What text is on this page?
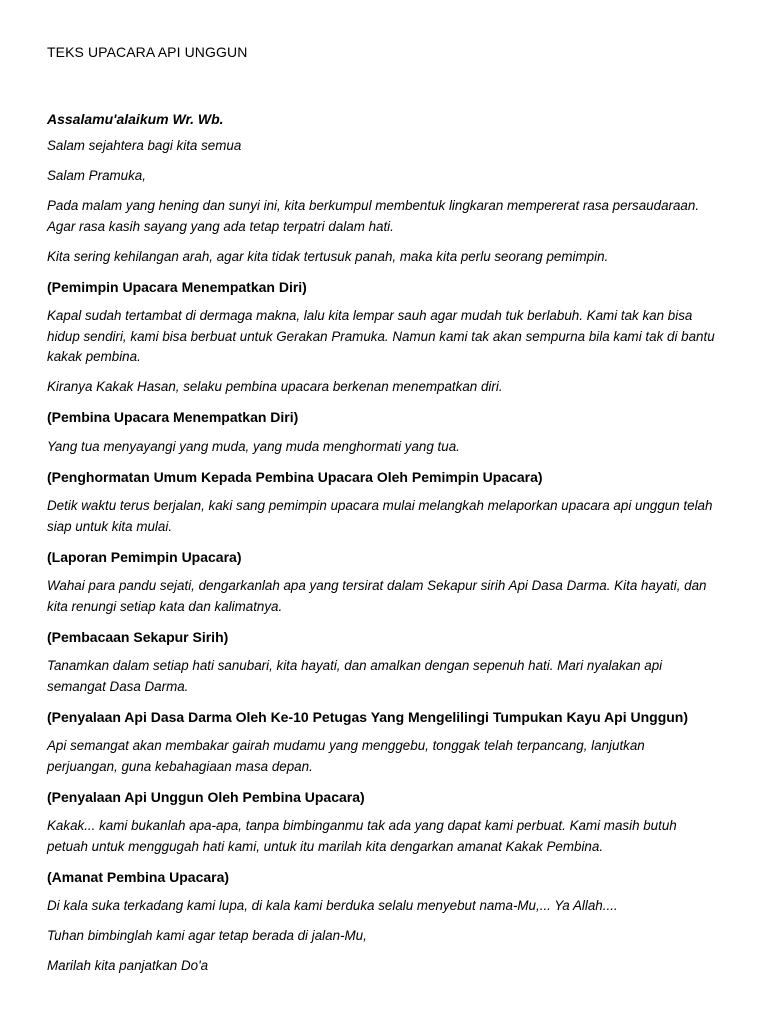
TEKS UPACARA API UNGGUN
Assalamu'alaikum Wr. Wb.
Salam sejahtera bagi kita semua
Salam Pramuka,
Pada malam yang hening dan sunyi ini, kita berkumpul membentuk lingkaran mempererat rasa persaudaraan. Agar rasa kasih sayang yang ada tetap terpatri dalam hati.
Kita sering kehilangan arah, agar kita tidak tertusuk panah, maka kita perlu seorang pemimpin.
(Pemimpin Upacara Menempatkan Diri)
Kapal sudah tertambat di dermaga makna, lalu kita lempar sauh agar mudah tuk berlabuh. Kami tak kan bisa hidup sendiri, kami bisa berbuat untuk Gerakan Pramuka. Namun kami tak akan sempurna bila kami tak di bantu kakak pembina.
Kiranya Kakak Hasan, selaku pembina upacara berkenan menempatkan diri.
(Pembina Upacara Menempatkan Diri)
Yang tua menyayangi yang muda, yang muda menghormati yang tua.
(Penghormatan Umum Kepada Pembina Upacara Oleh Pemimpin Upacara)
Detik waktu terus berjalan, kaki sang pemimpin upacara mulai melangkah melaporkan upacara api unggun telah siap untuk kita mulai.
(Laporan Pemimpin Upacara)
Wahai para pandu sejati, dengarkanlah apa yang tersirat dalam Sekapur sirih Api Dasa Darma. Kita hayati, dan kita renungi setiap kata dan kalimatnya.
(Pembacaan Sekapur Sirih)
Tanamkan dalam setiap hati sanubari, kita hayati, dan amalkan dengan sepenuh hati. Mari nyalakan api semangat Dasa Darma.
(Penyalaan Api Dasa Darma Oleh Ke-10 Petugas Yang Mengelilingi Tumpukan Kayu Api Unggun)
Api semangat akan membakar gairah mudamu yang menggebu, tonggak telah terpancang, lanjutkan perjuangan, guna kebahagiaan masa depan.
(Penyalaan Api Unggun Oleh Pembina Upacara)
Kakak... kami bukanlah apa-apa, tanpa bimbinganmu tak ada yang dapat kami perbuat. Kami masih butuh petuah untuk menggugah hati kami, untuk itu marilah kita dengarkan amanat Kakak Pembina.
(Amanat Pembina Upacara)
Di kala suka terkadang kami lupa, di kala kami berduka selalu menyebut nama-Mu,... Ya Allah....
Tuhan bimbinglah kami agar tetap berada di jalan-Mu,
Marilah kita panjatkan Do'a
